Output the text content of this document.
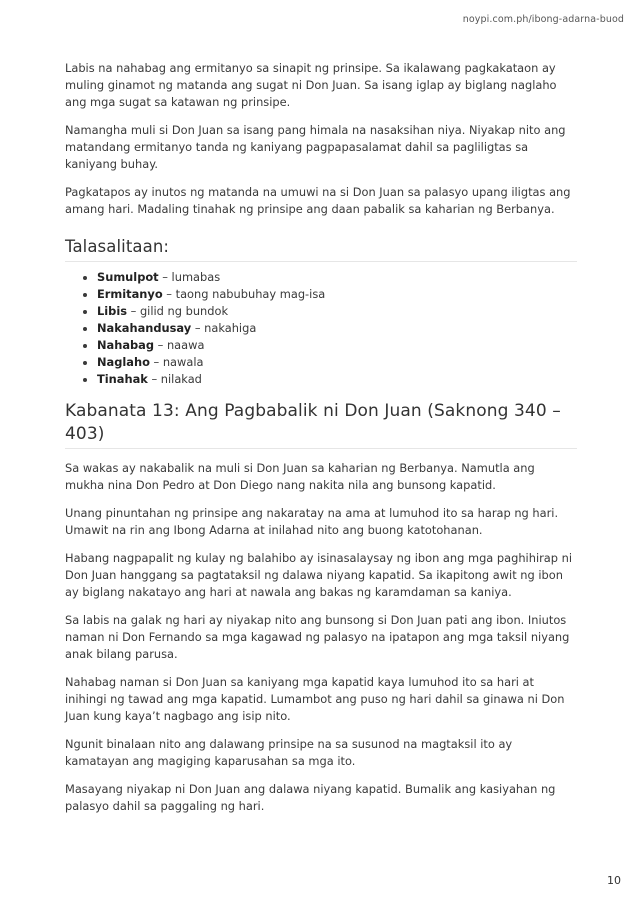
noypi.com.ph/ibong-adarna-buod

Labis na nahabag ang ermitanyo sa sinapit ng prinsipe. Sa ikalawang pagkakataon ay muling ginamot ng matanda ang sugat ni Don Juan. Sa isang iglap ay biglang naglaho ang mga sugat sa katawan ng prinsipe.

Namangha muli si Don Juan sa isang pang himala na nasaksihan niya. Niyakap nito ang matandang ermitanyo tanda ng kaniyang pagpapasalamat dahil sa pagliligtas sa kaniyang buhay.

Pagkatapos ay inutos ng matanda na umuwi na si Don Juan sa palasyo upang iligtas ang amang hari. Madaling tinahak ng prinsipe ang daan pabalik sa kaharian ng Berbanya.

Talasalitaan:
• Sumulpot – lumabas
• Ermitanyo – taong nabubuhay mag-isa
• Libis – gilid ng bundok
• Nakahandusay – nakahiga
• Nahabag – naawa
• Naglaho – nawala
• Tinahak – nilakad
Kabanata 13: Ang Pagbabalik ni Don Juan (Saknong 340 – 403)

Sa wakas ay nakabalik na muli si Don Juan sa kaharian ng Berbanya. Namutla ang mukha nina Don Pedro at Don Diego nang nakita nila ang bunsong kapatid.

Unang pinuntahan ng prinsipe ang nakaratay na ama at lumuhod ito sa harap ng hari. Umawit na rin ang Ibong Adarna at inilahad nito ang buong katotohanan.

Habang nagpapalit ng kulay ng balahibo ay isinasalaysay ng ibon ang mga paghihirap ni Don Juan hanggang sa pagtataksil ng dalawa niyang kapatid. Sa ikapitong awit ng ibon ay biglang nakatayo ang hari at nawala ang bakas ng karamdaman sa kaniya.

Sa labis na galak ng hari ay niyakap nito ang bunsong si Don Juan pati ang ibon. Iniutos naman ni Don Fernando sa mga kagawad ng palasyo na ipatapon ang mga taksil niyang anak bilang parusa.

Nahabag naman si Don Juan sa kaniyang mga kapatid kaya lumuhod ito sa hari at inihingi ng tawad ang mga kapatid. Lumambot ang puso ng hari dahil sa ginawa ni Don Juan kung kaya’t nagbago ang isip nito.

Ngunit binalaan nito ang dalawang prinsipe na sa susunod na magtaksil ito ay kamatayan ang magiging kaparusahan sa mga ito.

Masayang niyakap ni Don Juan ang dalawa niyang kapatid. Bumalik ang kasiyahan ng palasyo dahil sa paggaling ng hari.

10
